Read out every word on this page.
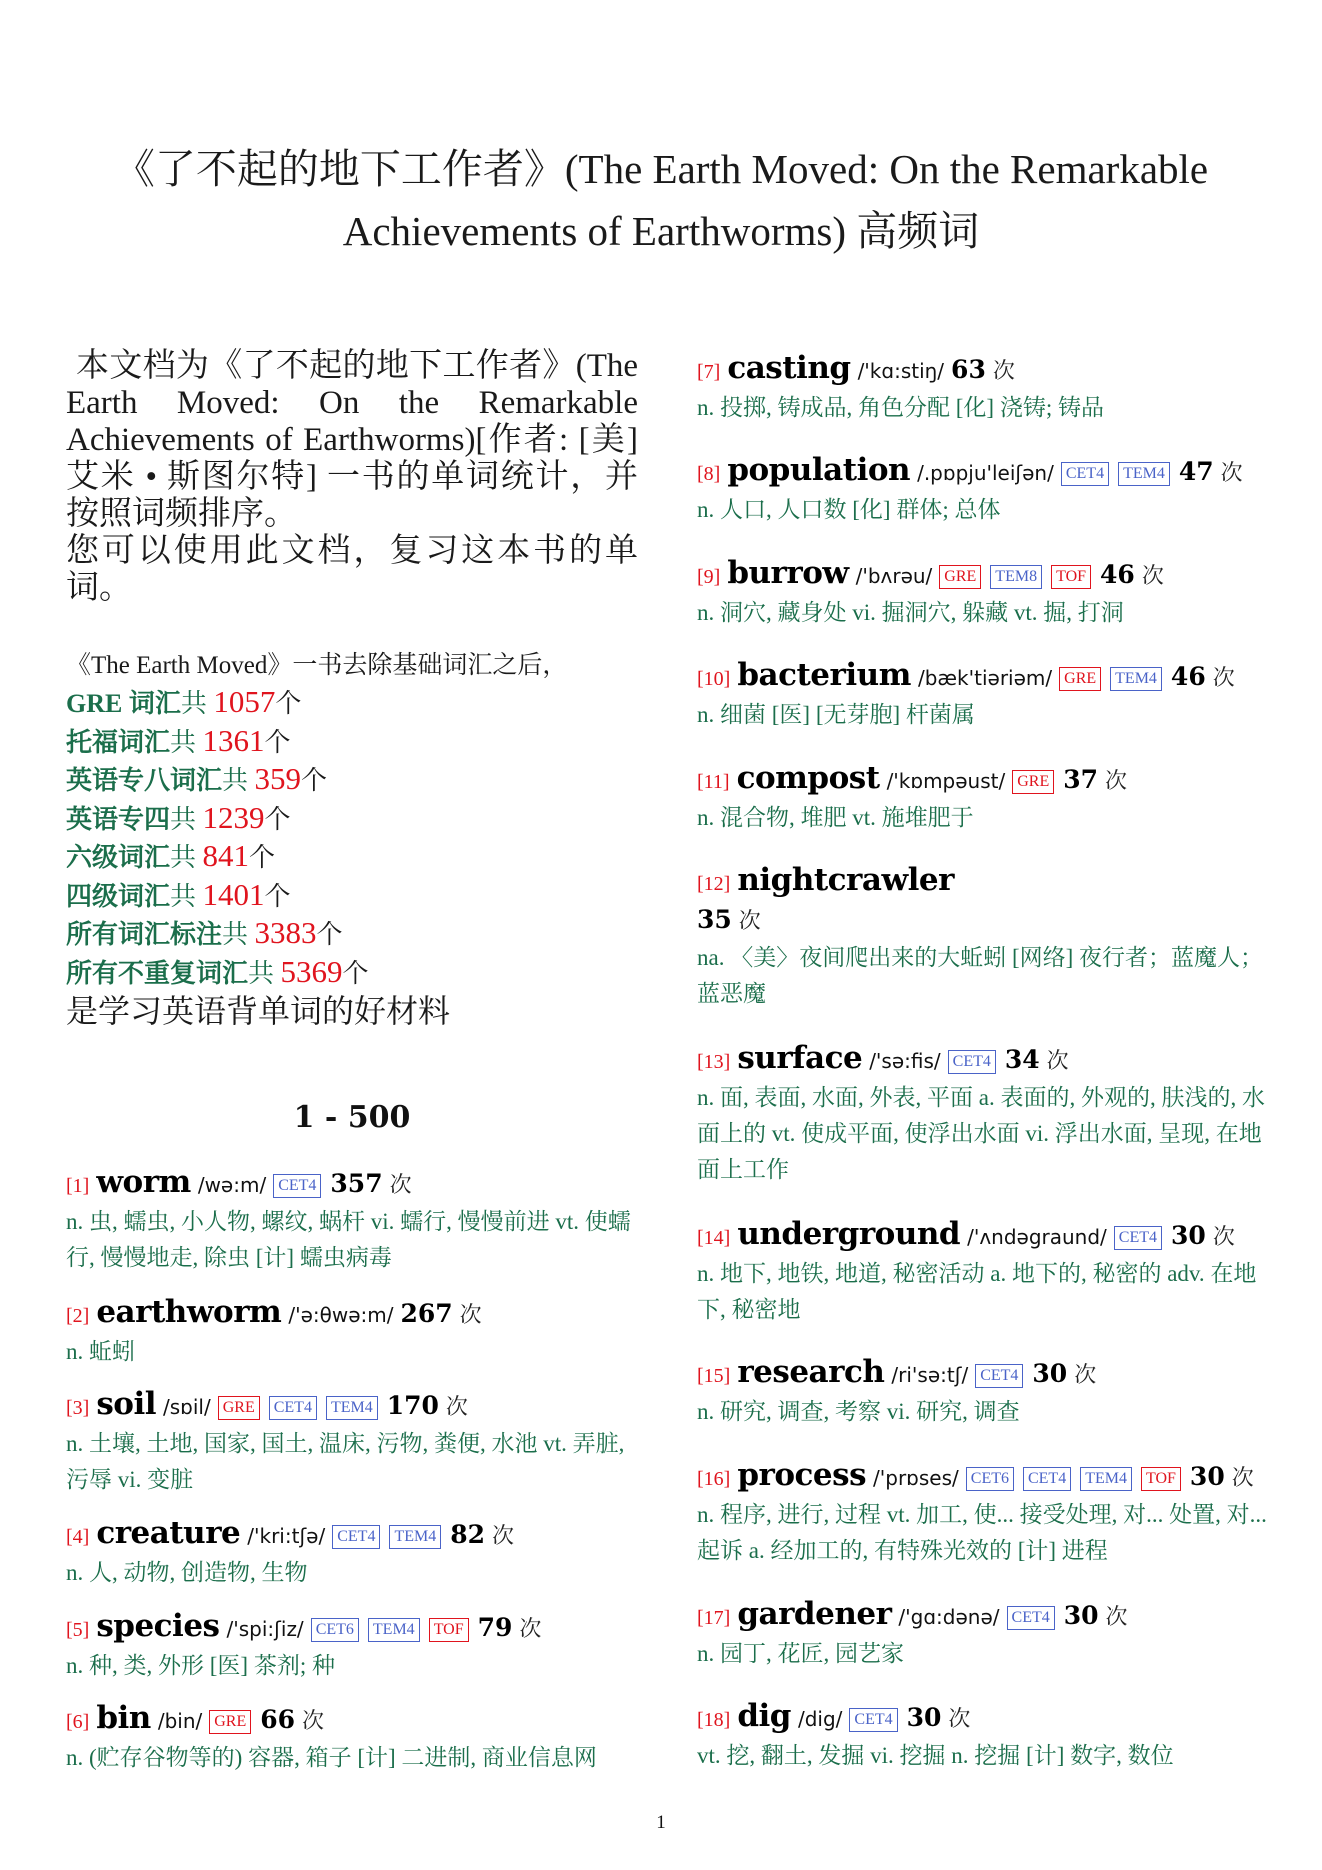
《了不起的地下工作者》(The Earth Moved: On the Remarkable
Achievements of Earthworms) 高频词
本文档为《了不起的地下工作者》(The Earth Moved: On the Remarkable Achievements of Earthworms)[作者: [美] 艾米 • 斯图尔特] 一书的单词统计，并按照词频排序。
您可以使用此文档，复习这本书的单词。
《The Earth Moved》一书去除基础词汇之后，
GRE 词汇共 1057个
托福词汇共 1361个
英语专八词汇共 359个
英语专四共 1239个
六级词汇共 841个
四级词汇共 1401个
所有词汇标注共 3383个
所有不重复词汇共 5369个
是学习英语背单词的好材料
1 - 500
[1] worm /wə:m/ CET4 357 次
n. 虫, 蠕虫, 小人物, 螺纹, 蜗杆 vi. 蠕行, 慢慢前进 vt. 使蠕行, 慢慢地走, 除虫 [计] 蠕虫病毒
[2] earthworm /'ə:θwə:m/ 267 次
n. 蚯蚓
[3] soil /sɒil/ GRE CET4 TEM4 170 次
n. 土壤, 土地, 国家, 国土, 温床, 污物, 粪便, 水池 vt. 弄脏, 污辱 vi. 变脏
[4] creature /'kri:tʃə/ CET4 TEM4 82 次
n. 人, 动物, 创造物, 生物
[5] species /'spi:ʃiz/ CET6 TEM4 TOF 79 次
n. 种, 类, 外形 [医] 茶剂; 种
[6] bin /bin/ GRE 66 次
n. (贮存谷物等的) 容器, 箱子 [计] 二进制, 商业信息网
[7] casting /'kɑ:stiŋ/ 63 次
n. 投掷, 铸成品, 角色分配 [化] 浇铸; 铸品
[8] population /.pɒpju'leiʃən/ CET4 TEM4 47 次
n. 人口, 人口数 [化] 群体; 总体
[9] burrow /'bʌrəu/ GRE TEM8 TOF 46 次
n. 洞穴, 藏身处 vi. 掘洞穴, 躲藏 vt. 掘, 打洞
[10] bacterium /bæk'tiəriəm/ GRE TEM4 46 次
n. 细菌 [医] [无芽胞] 杆菌属
[11] compost /'kɒmpəust/ GRE 37 次
n. 混合物, 堆肥 vt. 施堆肥于
[12] nightcrawler
35 次
na. 〈美〉夜间爬出来的大蚯蚓 [网络] 夜行者；蓝魔人；蓝恶魔
[13] surface /'sə:fis/ CET4 34 次
n. 面, 表面, 水面, 外表, 平面 a. 表面的, 外观的, 肤浅的, 水面上的 vt. 使成平面, 使浮出水面 vi. 浮出水面, 呈现, 在地面上工作
[14] underground /'ʌndəgraund/ CET4 30 次
n. 地下, 地铁, 地道, 秘密活动 a. 地下的, 秘密的 adv. 在地下, 秘密地
[15] research /ri'sə:tʃ/ CET4 30 次
n. 研究, 调查, 考察 vi. 研究, 调查
[16] process /'prɒses/ CET6 CET4 TEM4 TOF 30 次
n. 程序, 进行, 过程 vt. 加工, 使... 接受处理, 对... 处置, 对... 起诉 a. 经加工的, 有特殊光效的 [计] 进程
[17] gardener /'gɑ:dənə/ CET4 30 次
n. 园丁, 花匠, 园艺家
[18] dig /dig/ CET4 30 次
vt. 挖, 翻土, 发掘 vi. 挖掘 n. 挖掘 [计] 数字, 数位
1
